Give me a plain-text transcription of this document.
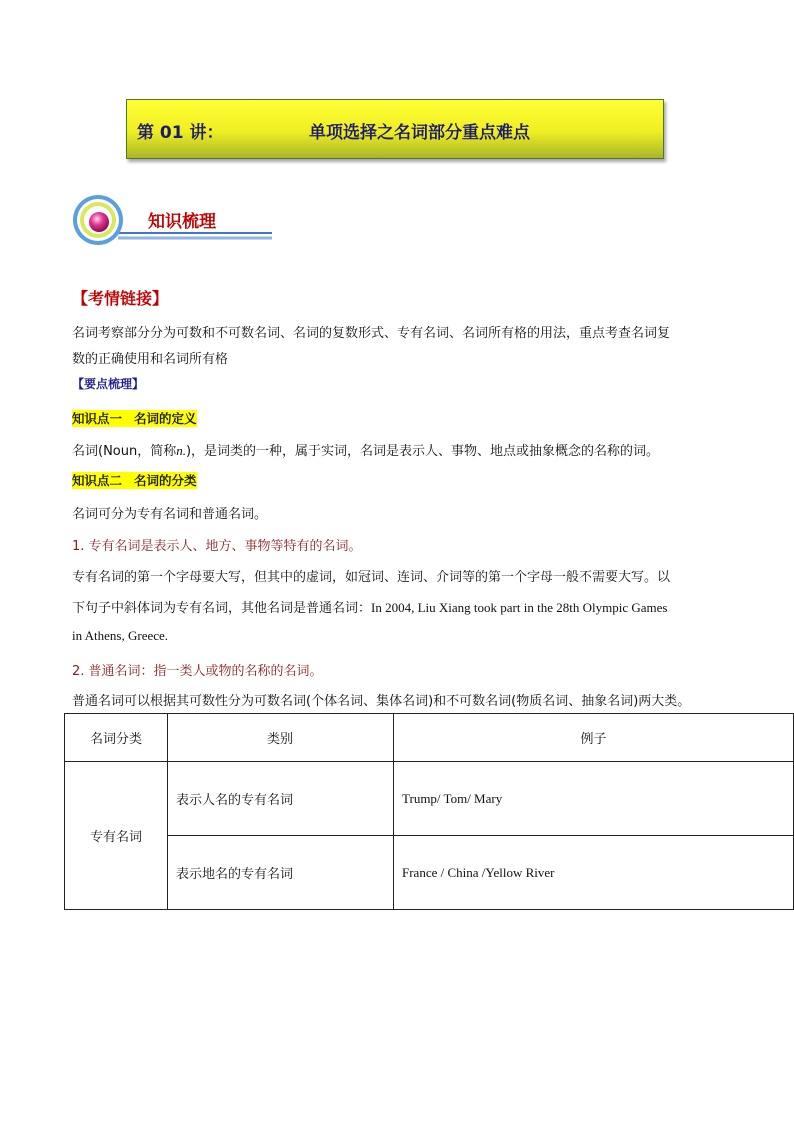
第 01 讲：	单项选择之名词部分重点难点
知识梳理
【考情链接】
名词考察部分分为可数和不可数名词、名词的复数形式、专有名词、名词所有格的用法，重点考查名词复
数的正确使用和名词所有格
【要点梳理】
知识点一 名词的定义
名词(Noun，简称n.)，是词类的一种，属于实词，名词是表示人、事物、地点或抽象概念的名称的词。
知识点二 名词的分类
名词可分为专有名词和普通名词。
1. 专有名词是表示人、地方、事物等特有的名词。
专有名词的第一个字母要大写，但其中的虚词，如冠词、连词、介词等的第一个字母一般不需要大写。以
下句子中斜体词为专有名词，其他名词是普通名词：In 2004, Liu Xiang took part in the 28th Olympic Games
in Athens, Greece.
2. 普通名词：指一类人或物的名称的名词。
普通名词可以根据其可数性分为可数名词(个体名词、集体名词)和不可数名词(物质名词、抽象名词)两大类。
名词分类	类别	例子
专有名词	表示人名的专有名词	Trump/ Tom/ Mary
	表示地名的专有名词	France / China /Yellow River
